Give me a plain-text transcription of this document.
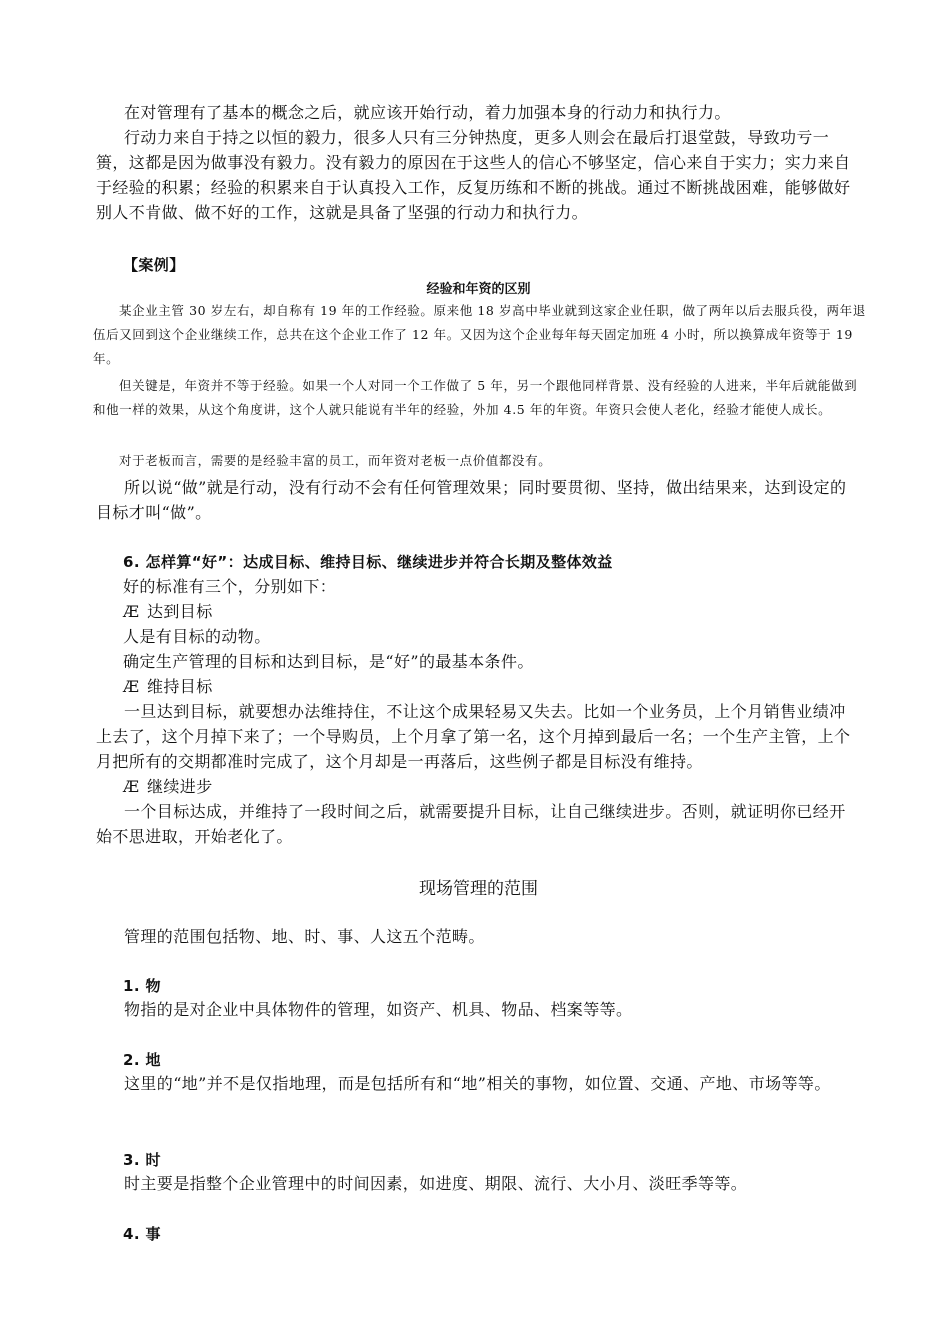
在对管理有了基本的概念之后，就应该开始行动，着力加强本身的行动力和执行力。

行动力来自于持之以恒的毅力，很多人只有三分钟热度，更多人则会在最后打退堂鼓，导致功亏一篑，这都是因为做事没有毅力。没有毅力的原因在于这些人的信心不够坚定，信心来自于实力；实力来自于经验的积累；经验的积累来自于认真投入工作，反复历练和不断的挑战。通过不断挑战困难，能够做好别人不肯做、做不好的工作，这就是具备了坚强的行动力和执行力。

【案例】

经验和年资的区别

某企业主管 30 岁左右，却自称有 19 年的工作经验。原来他 18 岁高中毕业就到这家企业任职，做了两年以后去服兵役，两年退伍后又回到这个企业继续工作，总共在这个企业工作了 12 年。又因为这个企业每年每天固定加班 4 小时，所以换算成年资等于 19 年。

但关键是，年资并不等于经验。如果一个人对同一个工作做了 5 年，另一个跟他同样背景、没有经验的人进来，半年后就能做到和他一样的效果，从这个角度讲，这个人就只能说有半年的经验，外加 4.5 年的年资。年资只会使人老化，经验才能使人成长。

对于老板而言，需要的是经验丰富的员工，而年资对老板一点价值都没有。

所以说“做”就是行动，没有行动不会有任何管理效果；同时要贯彻、坚持，做出结果来，达到设定的目标才叫“做”。

6. 怎样算“好”：达成目标、维持目标、继续进步并符合长期及整体效益

好的标准有三个，分别如下：

Æ 达到目标

人是有目标的动物。

确定生产管理的目标和达到目标，是“好”的最基本条件。

Æ 维持目标

一旦达到目标，就要想办法维持住，不让这个成果轻易又失去。比如一个业务员，上个月销售业绩冲上去了，这个月掉下来了；一个导购员，上个月拿了第一名，这个月掉到最后一名；一个生产主管，上个月把所有的交期都准时完成了，这个月却是一再落后，这些例子都是目标没有维持。

Æ 继续进步

一个目标达成，并维持了一段时间之后，就需要提升目标，让自己继续进步。否则，就证明你已经开始不思进取，开始老化了。

现场管理的范围

管理的范围包括物、地、时、事、人这五个范畴。

1. 物

物指的是对企业中具体物件的管理，如资产、机具、物品、档案等等。

2. 地

这里的“地”并不是仅指地理，而是包括所有和“地”相关的事物，如位置、交通、产地、市场等等。

3. 时

时主要是指整个企业管理中的时间因素，如进度、期限、流行、大小月、淡旺季等等。

4. 事
